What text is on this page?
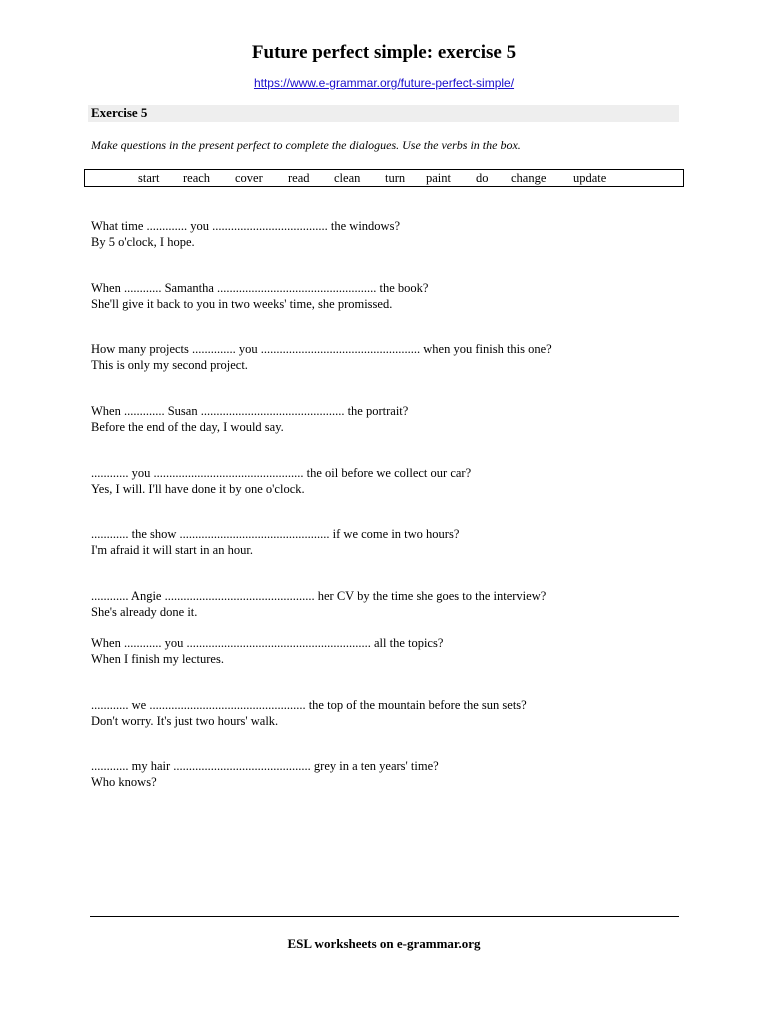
Future perfect simple: exercise 5
https://www.e-grammar.org/future-perfect-simple/
Exercise 5
Make questions in the present perfect to complete the dialogues. Use the verbs in the box.
start reach cover read clean turn paint do change update
What time ............. you ..................................... the windows?
By 5 o'clock, I hope.
When ............ Samantha ................................................... the book?
She'll give it back to you in two weeks' time, she promissed.
How many projects .............. you ................................................... when you finish this one?
This is only my second project.
When ............. Susan .............................................. the portrait?
Before the end of the day, I would say.
............ you ................................................ the oil before we collect our car?
Yes, I will. I'll have done it by one o'clock.
............ the show ................................................ if we come in two hours?
I'm afraid it will start in an hour.
............ Angie ................................................ her CV by the time she goes to the interview?
She's already done it.
When ............ you ........................................................... all the topics?
When I finish my lectures.
............ we .................................................. the top of the mountain before the sun sets?
Don't worry. It's just two hours' walk.
............ my hair ............................................ grey in a ten years' time?
Who knows?
ESL worksheets on e-grammar.org
